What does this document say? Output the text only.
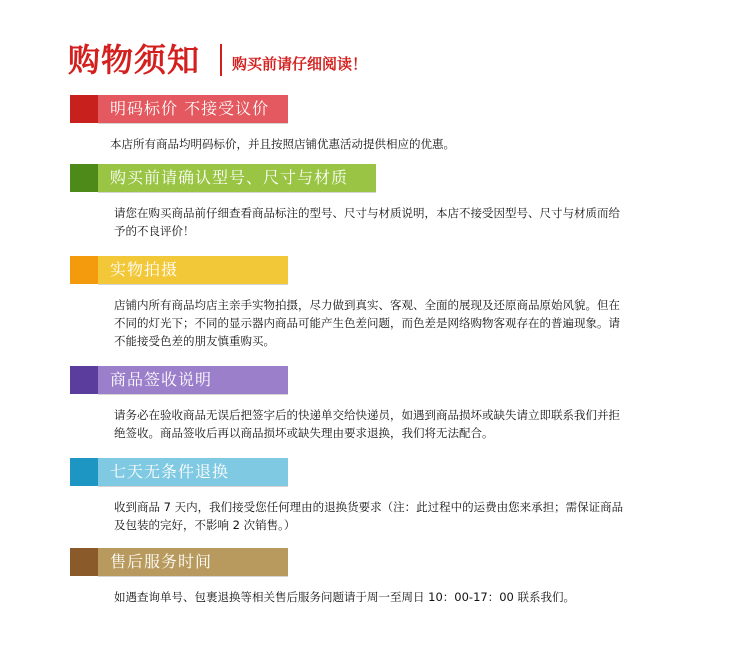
购物须知 购买前请仔细阅读！
明码标价 不接受议价
本店所有商品均明码标价，并且按照店铺优惠活动提供相应的优惠。
购买前请确认型号、尺寸与材质
请您在购买商品前仔细查看商品标注的型号、尺寸与材质说明，本店不接受因型号、尺寸与材质而给予的不良评价！
实物拍摄
店铺内所有商品均店主亲手实物拍摄，尽力做到真实、客观、全面的展现及还原商品原始风貌。但在不同的灯光下；不同的显示器内商品可能产生色差问题，而色差是网络购物客观存在的普遍现象。请不能接受色差的朋友慎重购买。
商品签收说明
请务必在验收商品无误后把签字后的快递单交给快递员，如遇到商品损坏或缺失请立即联系我们并拒绝签收。商品签收后再以商品损坏或缺失理由要求退换，我们将无法配合。
七天无条件退换
收到商品 7 天内，我们接受您任何理由的退换货要求（注：此过程中的运费由您来承担；需保证商品及包装的完好，不影响 2 次销售。）
售后服务时间
如遇查询单号、包裹退换等相关售后服务问题请于周一至周日 10：00-17：00 联系我们。
